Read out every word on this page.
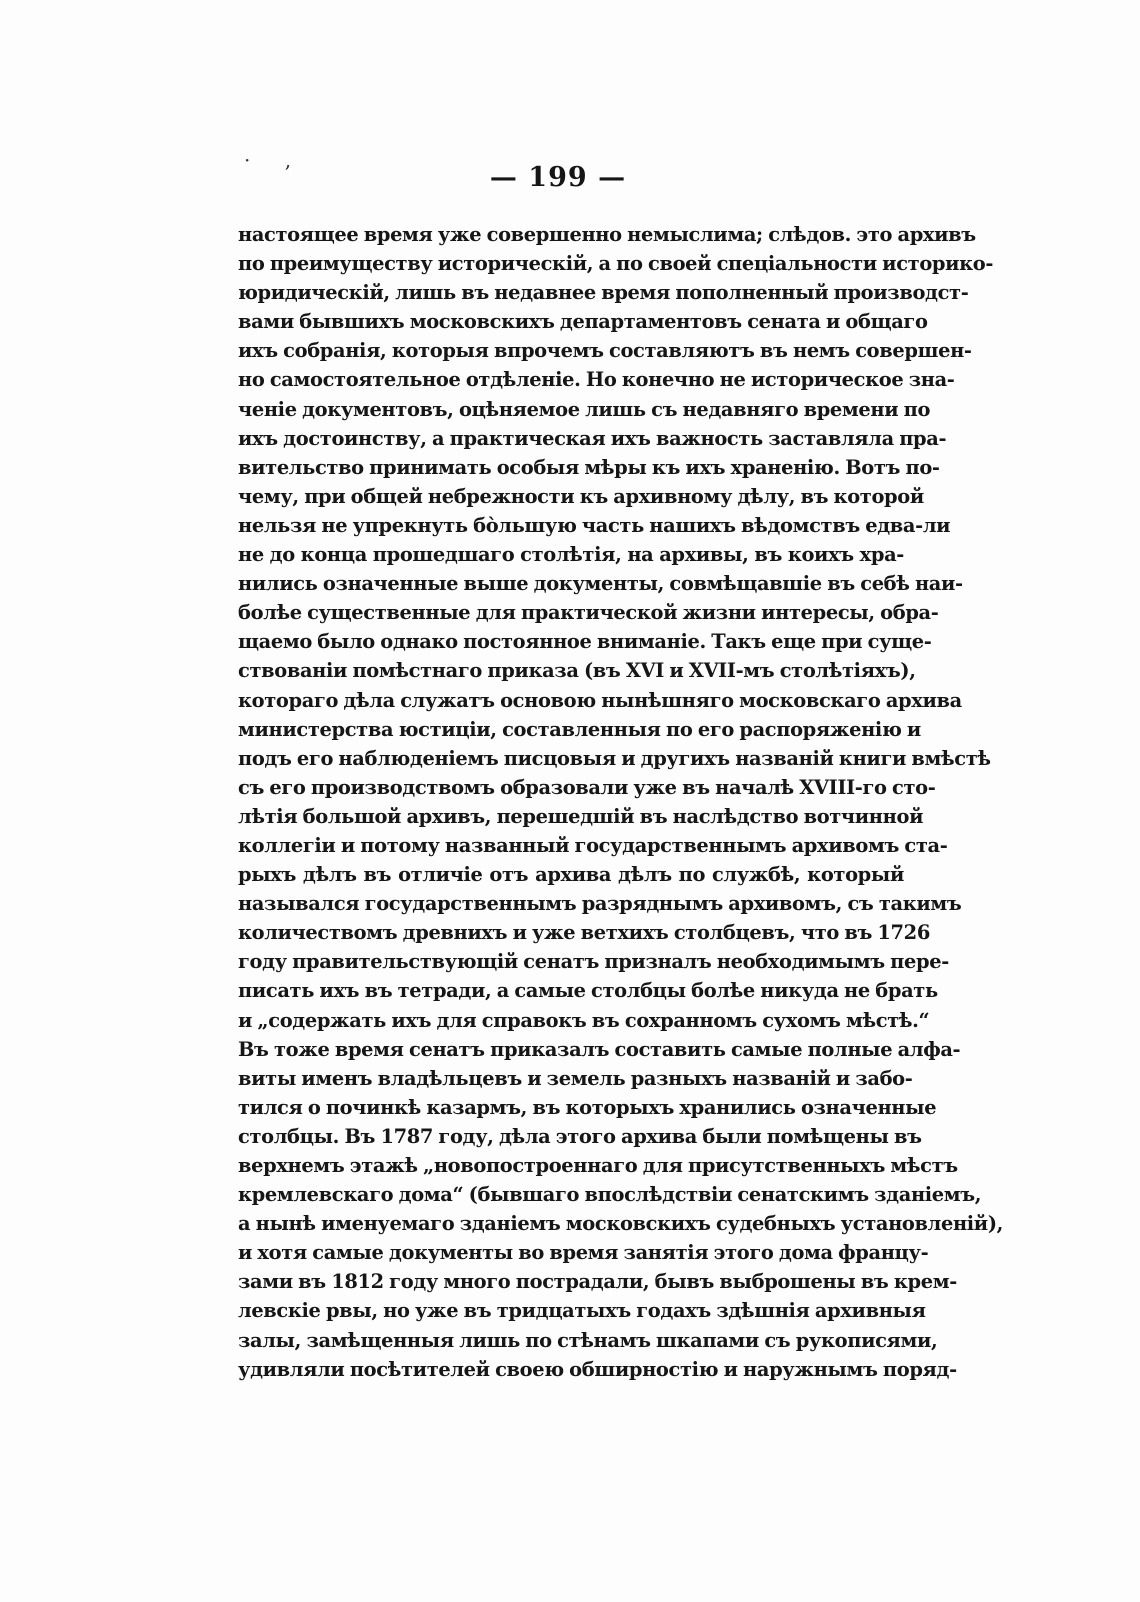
· ,
— 199 —
настоящее время уже совершенно немыслима; слѣдов. это архивъ
по преимуществу историческій, а по своей спеціальности историко-
юридическій, лишь въ недавнее время пополненный производст-
вами бывшихъ московскихъ департаментовъ сената и общаго
ихъ собранія, которыя впрочемъ составляютъ въ немъ совершен-
но самостоятельное отдѣленіе. Но конечно не историческое зна-
ченіе документовъ, оцѣняемое лишь съ недавняго времени по
ихъ достоинству, а практическая ихъ важность заставляла пра-
вительство принимать особыя мѣры къ ихъ храненію. Вотъ по-
чему, при общей небрежности къ архивному дѣлу, въ которой
нельзя не упрекнуть бо̀льшую часть нашихъ вѣдомствъ едва-ли
не до конца прошедшаго столѣтія, на архивы, въ коихъ хра-
нились означенные выше документы, совмѣщавшіе въ себѣ наи-
болѣе существенные для практической жизни интересы, обра-
щаемо было однако постоянное вниманіе. Такъ еще при суще-
ствованіи помѣстнаго приказа (въ XVI и XVII-мъ столѣтіяхъ),
котораго дѣла служатъ основою нынѣшняго московскаго архива
министерства юстиціи, составленныя по его распоряженію и
подъ его наблюденіемъ писцовыя и другихъ названій книги вмѣстѣ
съ его производствомъ образовали уже въ началѣ XVIII-го сто-
лѣтія большой архивъ, перешедшій въ наслѣдство вотчинной
коллегіи и потому названный государственнымъ архивомъ ста-
рыхъ дѣлъ въ отличіе отъ архива дѣлъ по службѣ, который
назывался государственнымъ разряднымъ архивомъ, съ такимъ
количествомъ древнихъ и уже ветхихъ столбцевъ, что въ 1726
году правительствующій сенатъ призналъ необходимымъ пере-
писать ихъ въ тетради, а самые столбцы болѣе никуда не брать
и „содержать ихъ для справокъ въ сохранномъ сухомъ мѣстѣ.“
Въ тоже время сенатъ приказалъ составить самые полные алфа-
виты именъ владѣльцевъ и земель разныхъ названій и забо-
тился о починкѣ казармъ, въ которыхъ хранились означенные
столбцы. Въ 1787 году, дѣла этого архива были помѣщены въ
верхнемъ этажѣ „новопостроеннаго для присутственныхъ мѣстъ
кремлевскаго дома“ (бывшаго впослѣдствіи сенатскимъ зданіемъ,
а нынѣ именуемаго зданіемъ московскихъ судебныхъ установленій),
и хотя самые документы во время занятія этого дома францу-
зами въ 1812 году много пострадали, бывъ выброшены въ крем-
левскіе рвы, но уже въ тридцатыхъ годахъ здѣшнія архивныя
залы, замѣщенныя лишь по стѣнамъ шкапами съ рукописями,
удивляли посѣтителей своею обширностію и наружнымъ поряд-
